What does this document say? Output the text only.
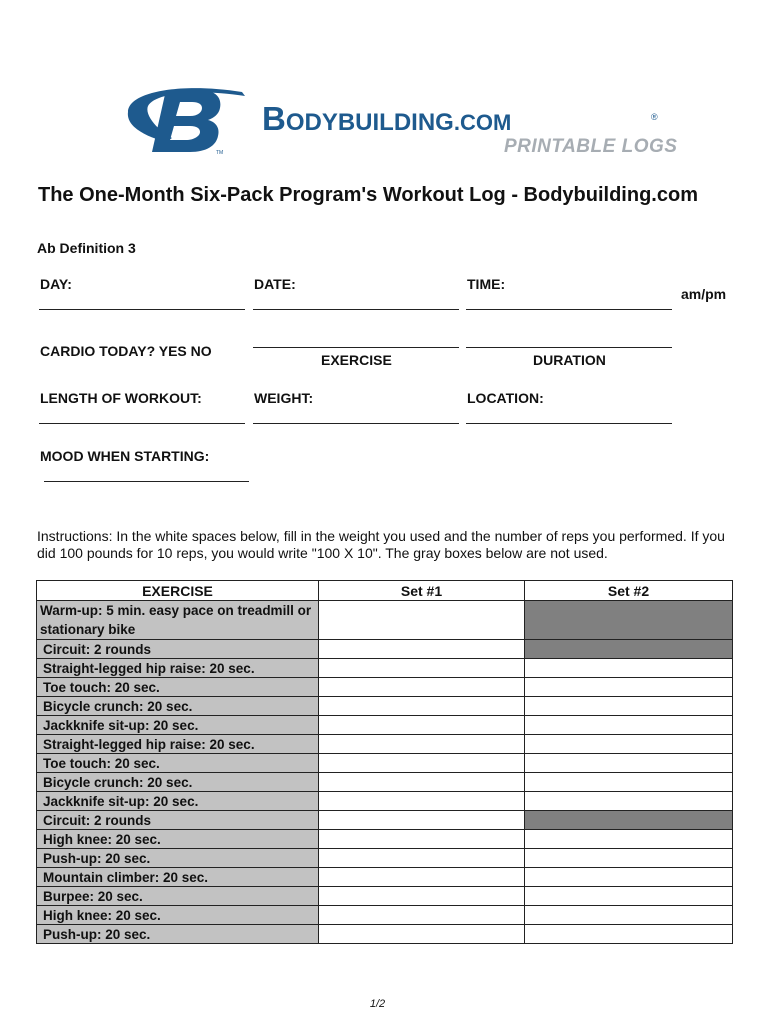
TM
BODYBUILDING.COM	®
PRINTABLE LOGS
The One-Month Six-Pack Program's Workout Log - Bodybuilding.com
Ab Definition 3
DAY:	DATE:	TIME:
am/pm
CARDIO TODAY? YES NO
EXERCISE	DURATION
LENGTH OF WORKOUT:	WEIGHT:	LOCATION:
MOOD WHEN STARTING:
Instructions: In the white spaces below, fill in the weight you used and the number of reps you performed. If you did 100 pounds for 10 reps, you would write "100 X 10". The gray boxes below are not used.
EXERCISE	Set #1	Set #2
Warm-up: 5 min. easy pace on treadmill or stationary bike		
Circuit: 2 rounds		
Straight-legged hip raise: 20 sec.		
Toe touch: 20 sec.		
Bicycle crunch: 20 sec.		
Jackknife sit-up: 20 sec.		
Straight-legged hip raise: 20 sec.		
Toe touch: 20 sec.		
Bicycle crunch: 20 sec.		
Jackknife sit-up: 20 sec.		
Circuit: 2 rounds		
High knee: 20 sec.		
Push-up: 20 sec.		
Mountain climber: 20 sec.		
Burpee: 20 sec.		
High knee: 20 sec.		
Push-up: 20 sec.		
1/2
